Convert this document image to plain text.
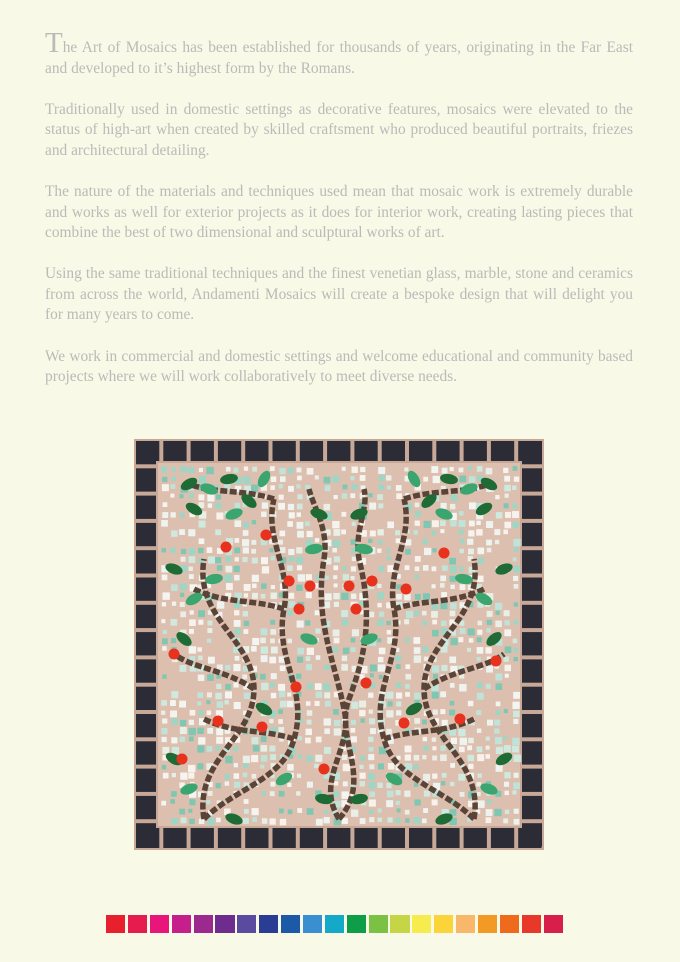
The Art of Mosaics has been established for thousands of years, originating in the Far East and developed to it’s highest form by the Romans.

Traditionally used in domestic settings as decorative features, mosaics were elevated to the status of high-art when created by skilled craftsment who produced beautiful portraits, friezes and architectural detailing.

The nature of the materials and techniques used mean that mosaic work is extremely durable and works as well for exterior projects as it does for interior work, creating lasting pieces that combine the best of two dimensional and sculptural works of art.

Using the same traditional techniques and the finest venetian glass, marble, stone and ceramics from across the world, Andamenti Mosaics will create a bespoke design that will delight you for many years to come.

We work in commercial and domestic settings and welcome educational and community based projects where we will work collaboratively to meet diverse needs.
